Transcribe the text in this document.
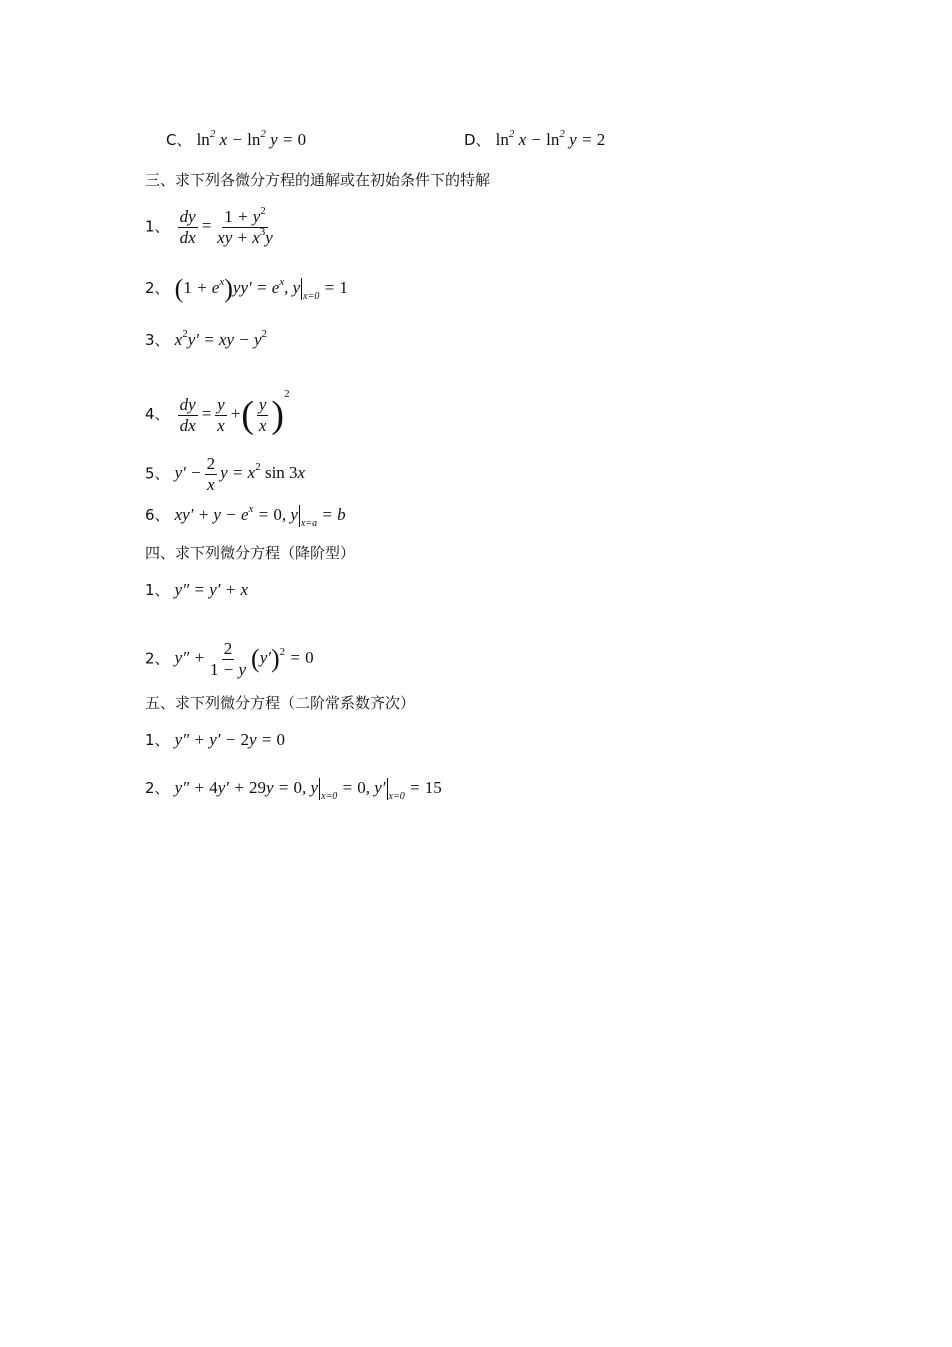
C、 $\ln^2 x - \ln^2 y = 0$	D、 $\ln^2 x - \ln^2 y = 2$
三、求下列各微分方程的通解或在初始条件下的特解
1、 $\frac{dy}{dx} = \frac{1 + y^2}{xy + x^3y}$
2、 $(1 + e^x)yy' = e^x$, y $_{x=0}$ = 1
3、 $x^2y'$ = xy − $y^2$
4、 $\frac{dy}{dx} = \frac{y}{x}$ +( $\frac{y}{x} )^2$
5、 $y' - \frac{2}{x}$ $y = x^2$ sin 3x
6、 $xy' + y - e^x = 0$, y $_{x=a}$ = b
四、求下列微分方程（降阶型）
1、 y″ = y′ + x
2、 $y'' + \frac{2}{1 - y} (y')^2 = 0$
五、求下列微分方程（二阶常系数齐次）
1、 y″ + y′ − 2y = 0
2、 y″ + 4y′ + 29y = 0, y $_{x=0}$ = 0, y′ $_{x=0}$ = 15
